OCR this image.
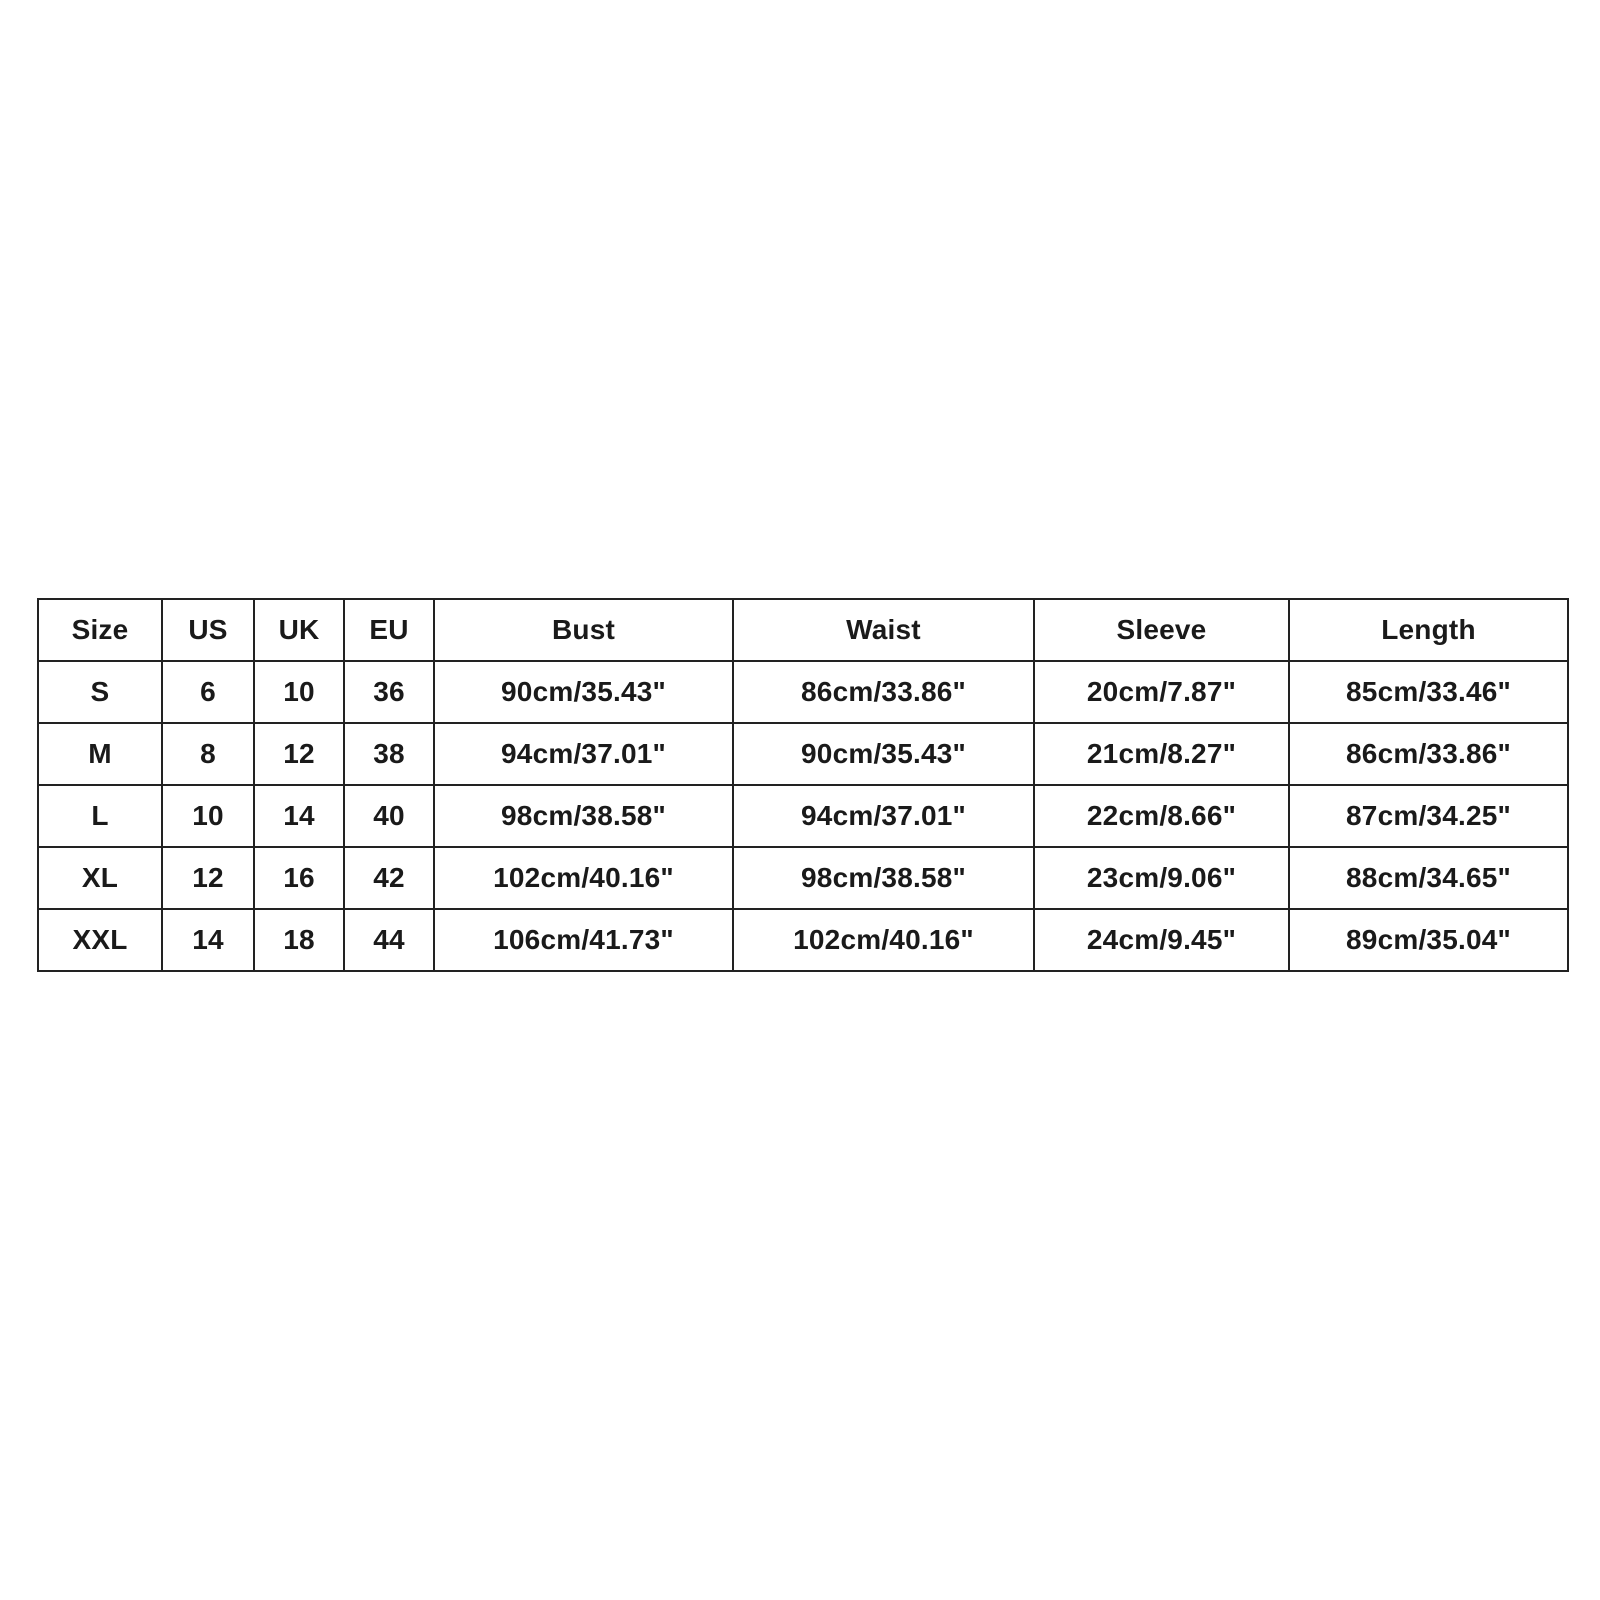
Size	US	UK	EU	Bust	Waist	Sleeve	Length
S	6	10	36	90cm/35.43"	86cm/33.86"	20cm/7.87"	85cm/33.46"
M	8	12	38	94cm/37.01"	90cm/35.43"	21cm/8.27"	86cm/33.86"
L	10	14	40	98cm/38.58"	94cm/37.01"	22cm/8.66"	87cm/34.25"
XL	12	16	42	102cm/40.16"	98cm/38.58"	23cm/9.06"	88cm/34.65"
XXL	14	18	44	106cm/41.73"	102cm/40.16"	24cm/9.45"	89cm/35.04"
